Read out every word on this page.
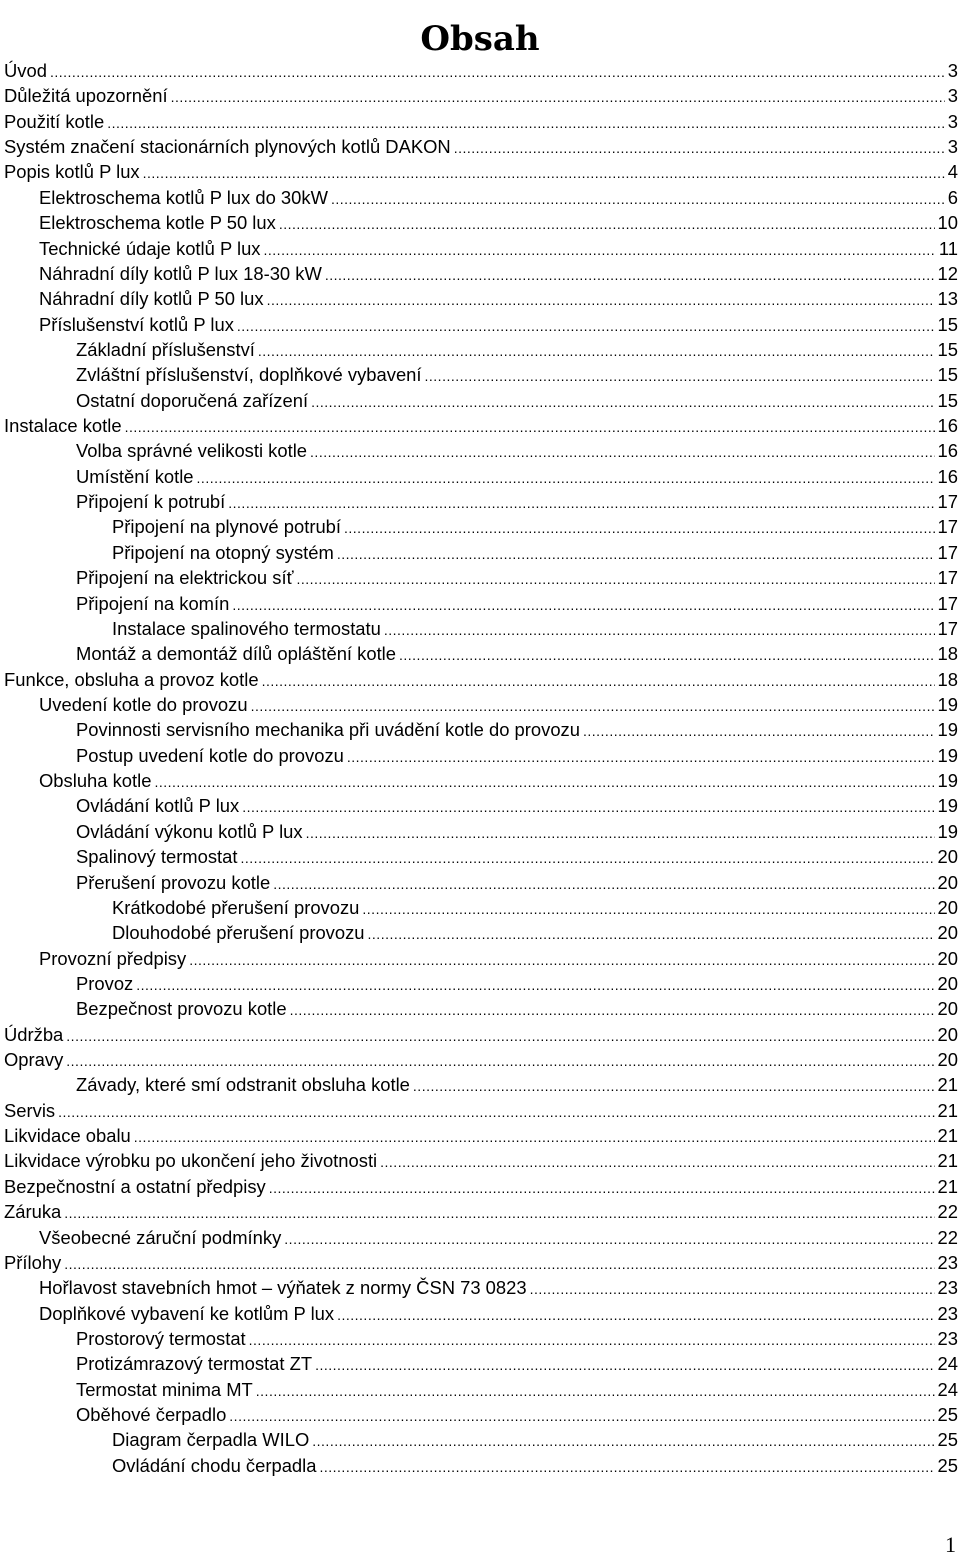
Obsah
Úvod .....	3
Důležitá upozornění .....	3
Použití kotle .....	3
Systém značení stacionárních plynových kotlů DAKON .....	3
Popis kotlů P lux .....	4
Elektroschema kotlů P lux do 30kW .....	6
Elektroschema kotle P 50 lux .....	10
Technické údaje kotlů P lux .....	11
Náhradní díly kotlů P lux 18-30 kW .....	12
Náhradní díly kotlů P 50 lux .....	13
Příslušenství kotlů P lux .....	15
Základní příslušenství .....	15
Zvláštní příslušenství, doplňkové vybavení .....	15
Ostatní doporučená zařízení .....	15
Instalace kotle .....	16
Volba správné velikosti kotle .....	16
Umístění kotle .....	16
Připojení k potrubí .....	17
Připojení na plynové potrubí .....	17
Připojení na otopný systém .....	17
Připojení na elektrickou síť .....	17
Připojení na komín .....	17
Instalace spalinového termostatu .....	17
Montáž a demontáž dílů opláštění kotle .....	18
Funkce, obsluha a provoz kotle .....	18
Uvedení kotle do provozu .....	19
Povinnosti servisního mechanika při uvádění kotle do provozu .....	19
Postup uvedení kotle do provozu .....	19
Obsluha kotle .....	19
Ovládání kotlů P lux .....	19
Ovládání výkonu kotlů P lux .....	19
Spalinový termostat .....	20
Přerušení provozu kotle .....	20
Krátkodobé přerušení provozu .....	20
Dlouhodobé přerušení provozu .....	20
Provozní předpisy .....	20
Provoz .....	20
Bezpečnost provozu kotle .....	20
Údržba .....	20
Opravy .....	20
Závady, které smí odstranit obsluha kotle .....	21
Servis .....	21
Likvidace obalu .....	21
Likvidace výrobku po ukončení jeho životnosti .....	21
Bezpečnostní a ostatní předpisy .....	21
Záruka .....	22
Všeobecné záruční podmínky .....	22
Přílohy .....	23
Hořlavost stavebních hmot – výňatek z normy ČSN 73 0823 .....	23
Doplňkové vybavení ke kotlům P lux .....	23
Prostorový termostat .....	23
Protizámrazový termostat ZT .....	24
Termostat minima MT .....	24
Oběhové čerpadlo .....	25
Diagram čerpadla WILO .....	25
Ovládání chodu čerpadla .....	25
1
